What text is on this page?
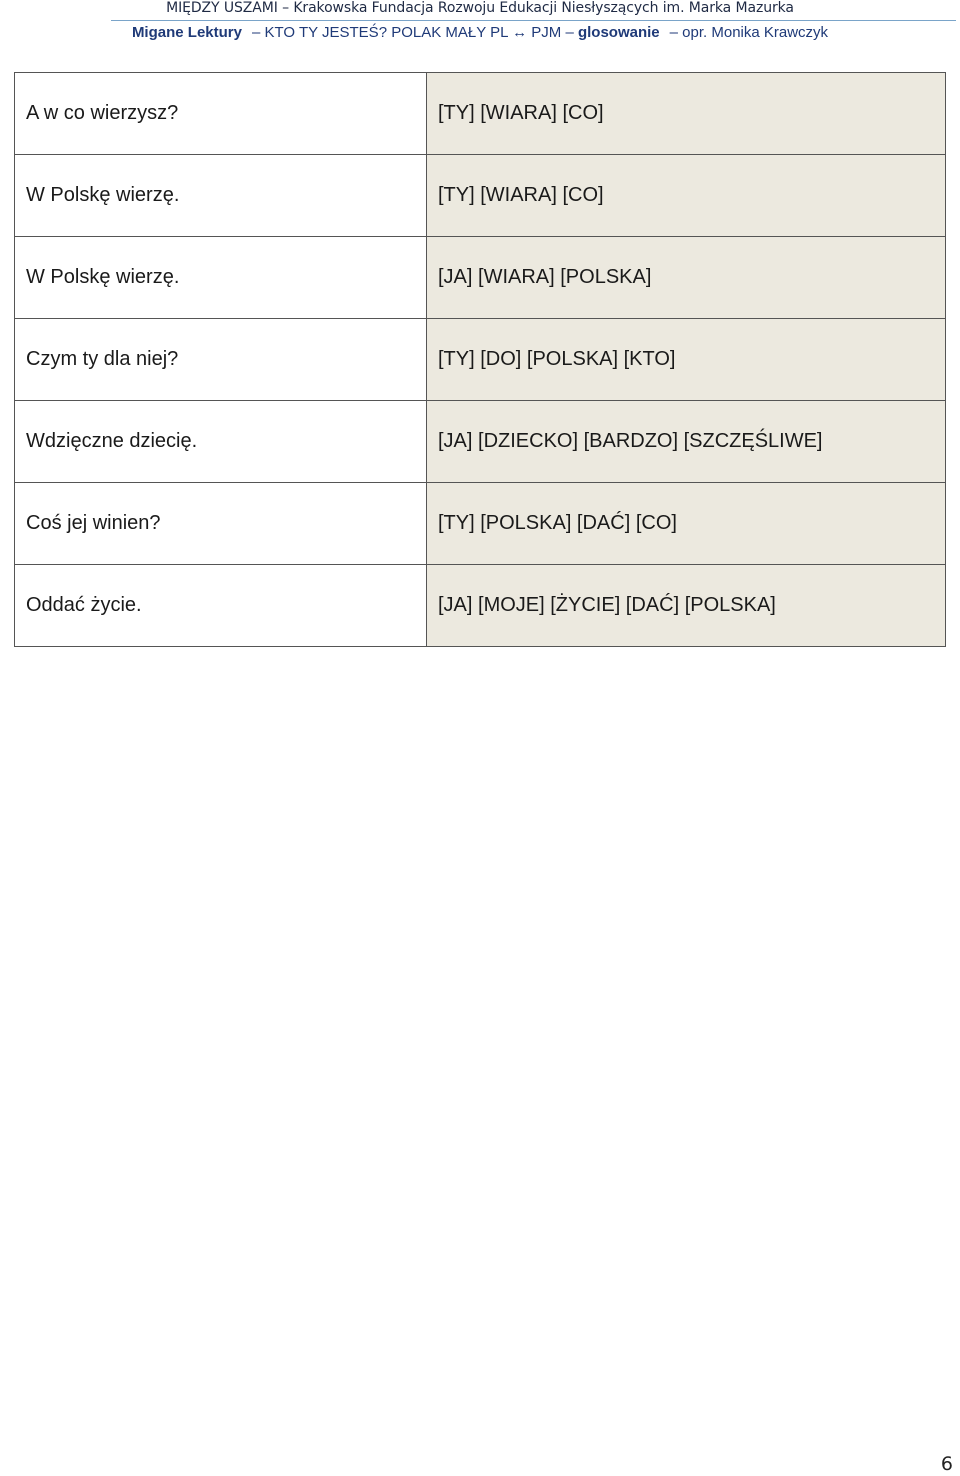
MIĘDZY USZAMI – Krakowska Fundacja Rozwoju Edukacji Niesłyszących im. Marka Mazurka
Migane Lektury – KTO TY JESTEŚ? POLAK MAŁY PL ↔ PJM – glosowanie – opr. Monika Krawczyk
A w co wierzysz?	[TY] [WIARA] [CO]
W Polskę wierzę.	[TY] [WIARA] [CO]
W Polskę wierzę.	[JA] [WIARA] [POLSKA]
Czym ty dla niej?	[TY] [DO] [POLSKA] [KTO]
Wdzięczne dziecię.	[JA] [DZIECKO] [BARDZO] [SZCZĘŚLIWE]
Coś jej winien?	[TY] [POLSKA] [DAĆ] [CO]
Oddać życie.	[JA] [MOJE] [ŻYCIE] [DAĆ] [POLSKA]
6
